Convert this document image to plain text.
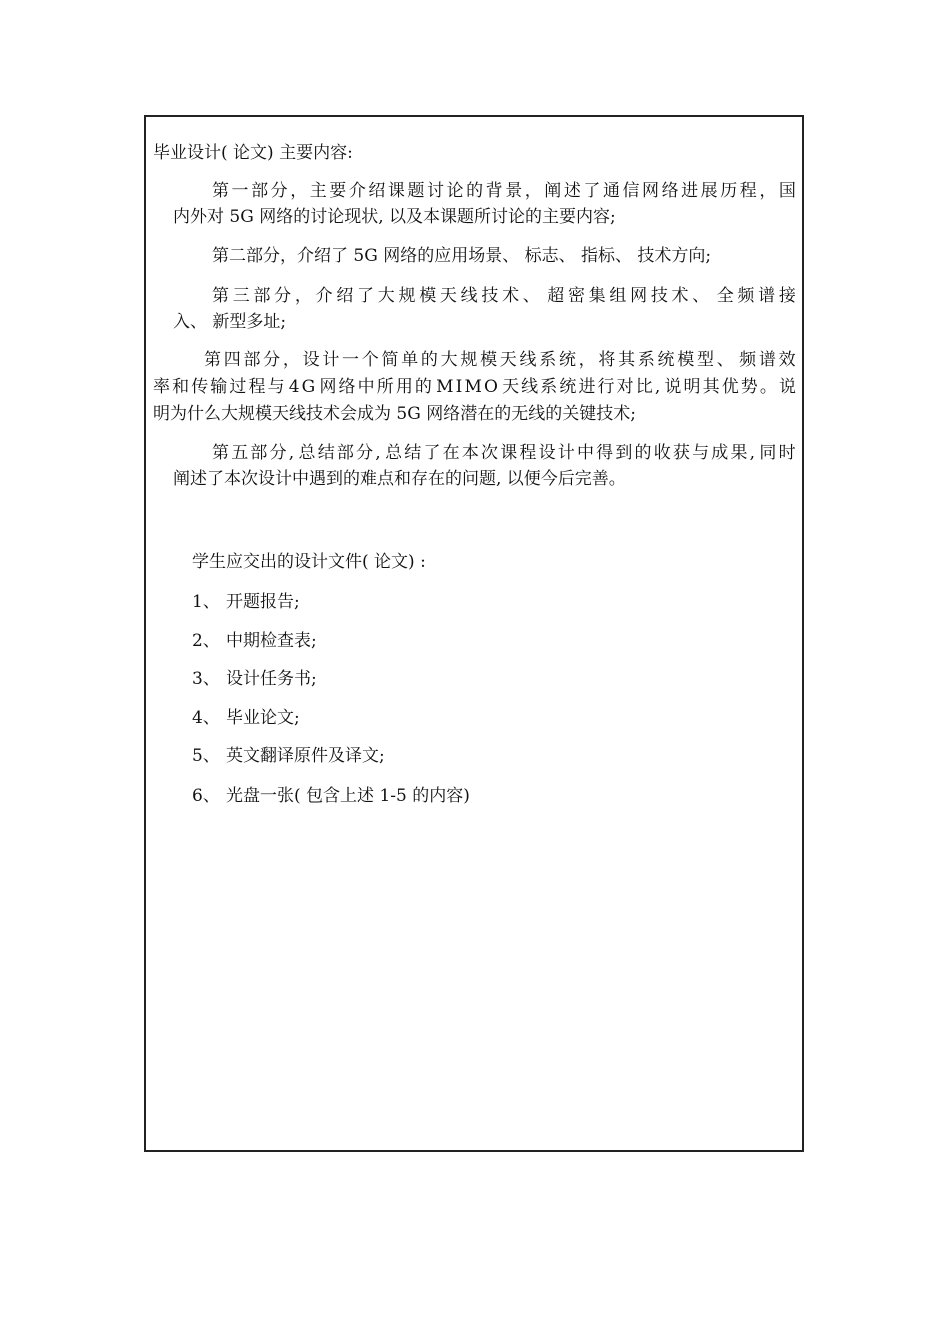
毕业设计( 论文) 主要内容:
第 一 部 分 ， 主 要 介 绍 课 题 讨 论 的 背 景 ， 阐 述 了 通 信 网 络 进 展 历 程 ， 国
内外对 5G 网络的讨论现状, 以及本课题所讨论的主要内容;
第二部分，介绍了 5G 网络的应用场景、 标志、 指标、 技术方向;
第 三 部 分 ， 介 绍 了 大 规 模 天 线 技 术 、 超 密 集 组 网 技 术 、 全 频 谱 接
入、 新型多址;
第 四 部 分 ， 设 计 一 个 简 单 的 大 规 模 天 线 系 统 ， 将 其 系 统 模 型 、 频 谱 效
率 和 传 输 过 程 与 4 G 网 络 中 所 用 的 M I M O 天 线 系 统 进 行 对 比 , 说 明 其 优 势 。 说
明为什么大规模天线技术会成为 5G 网络潜在的无线的关键技术;
第 五 部 分 , 总 结 部 分 , 总 结 了 在 本 次 课 程 设 计 中 得 到 的 收 获 与 成 果 , 同 时
阐述了本次设计中遇到的难点和存在的问题, 以便今后完善。
学生应交出的设计文件( 论文) :
1、 开题报告;
2、 中期检查表;
3、 设计任务书;
4、 毕业论文;
5、 英文翻译原件及译文;
6、 光盘一张( 包含上述 1-5 的内容)
